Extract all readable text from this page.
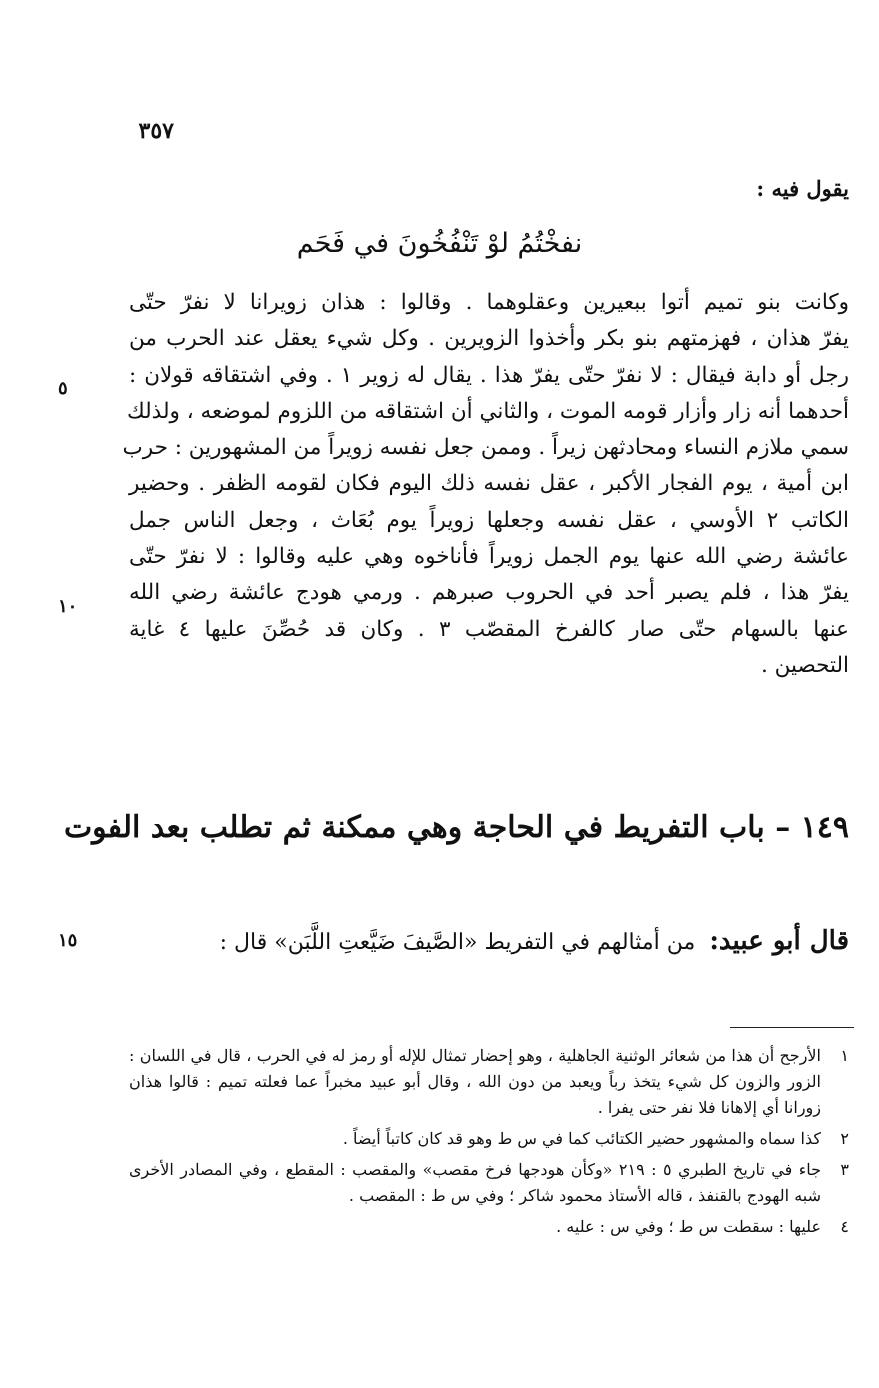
٣٥٧
يقول فيه :
نفخْتُمُ لوْ تَنْفُخُونَ في فَحَم
وكانت بنو تميم أتوا ببعيرين وعقلوهما . وقالوا : هذان زويرانا لا نفرّ حتّى
يفرّ هذان ، فهزمتهم بنو بكر وأخذوا الزويرين . وكل شيء يعقل عند الحرب من
رجل أو دابة فيقال : لا نفرّ حتّى يفرّ هذا . يقال له زوير ١ . وفي اشتقاقه قولان :
أحدهما أنه زار وأزار قومه الموت ، والثاني أن اشتقاقه من اللزوم لموضعه ، ولذلك
سمي ملازم النساء ومحادثهن زيراً . وممن جعل نفسه زويراً من المشهورين : حرب
ابن أمية ، يوم الفجار الأكبر ، عقل نفسه ذلك اليوم فكان لقومه الظفر . وحضير
الكاتب ٢ الأوسي ، عقل نفسه وجعلها زويراً يوم بُعَاث ، وجعل الناس جمل
عائشة رضي الله عنها يوم الجمل زويراً فأناخوه وهي عليه وقالوا : لا نفرّ حتّى
يفرّ هذا ، فلم يصبر أحد في الحروب صبرهم . ورمي هودج عائشة رضي الله
عنها بالسهام حتّى صار كالفرخ المقصّب ٣ . وكان قد حُصِّنَ عليها ٤ غاية
التحصين .
٥
١٠
١٥
١٤٩ – باب التفريط في الحاجة وهي ممكنة ثم تطلب بعد الفوت
قال أبو عبيد:من أمثالهم في التفريط «الصَّيفَ ضَيَّعتِ اللَّبَن» قال :
١
الأرجح أن هذا من شعائر الوثنية الجاهلية ، وهو إحضار تمثال للإله أو رمز له في الحرب ، قال في اللسان : الزور والزون كل شيء يتخذ رباً ويعبد من دون الله ، وقال أبو عبيد مخبراً عما فعلته تميم : قالوا هذان زورانا أي إلاهانا فلا نفر حتى يفرا .
٢
كذا سماه والمشهور حضير الكتائب كما في س ط وهو قد كان كاتباً أيضاً .
٣
جاء في تاريخ الطبري ٥ : ٢١٩ «وكأن هودجها فرخ مقصب» والمقصب : المقطع ، وفي المصادر الأخرى شبه الهودج بالقنفذ ، قاله الأستاذ محمود شاكر ؛ وفي س ط : المقصب .
٤
عليها : سقطت س ط ؛ وفي س : عليه .
